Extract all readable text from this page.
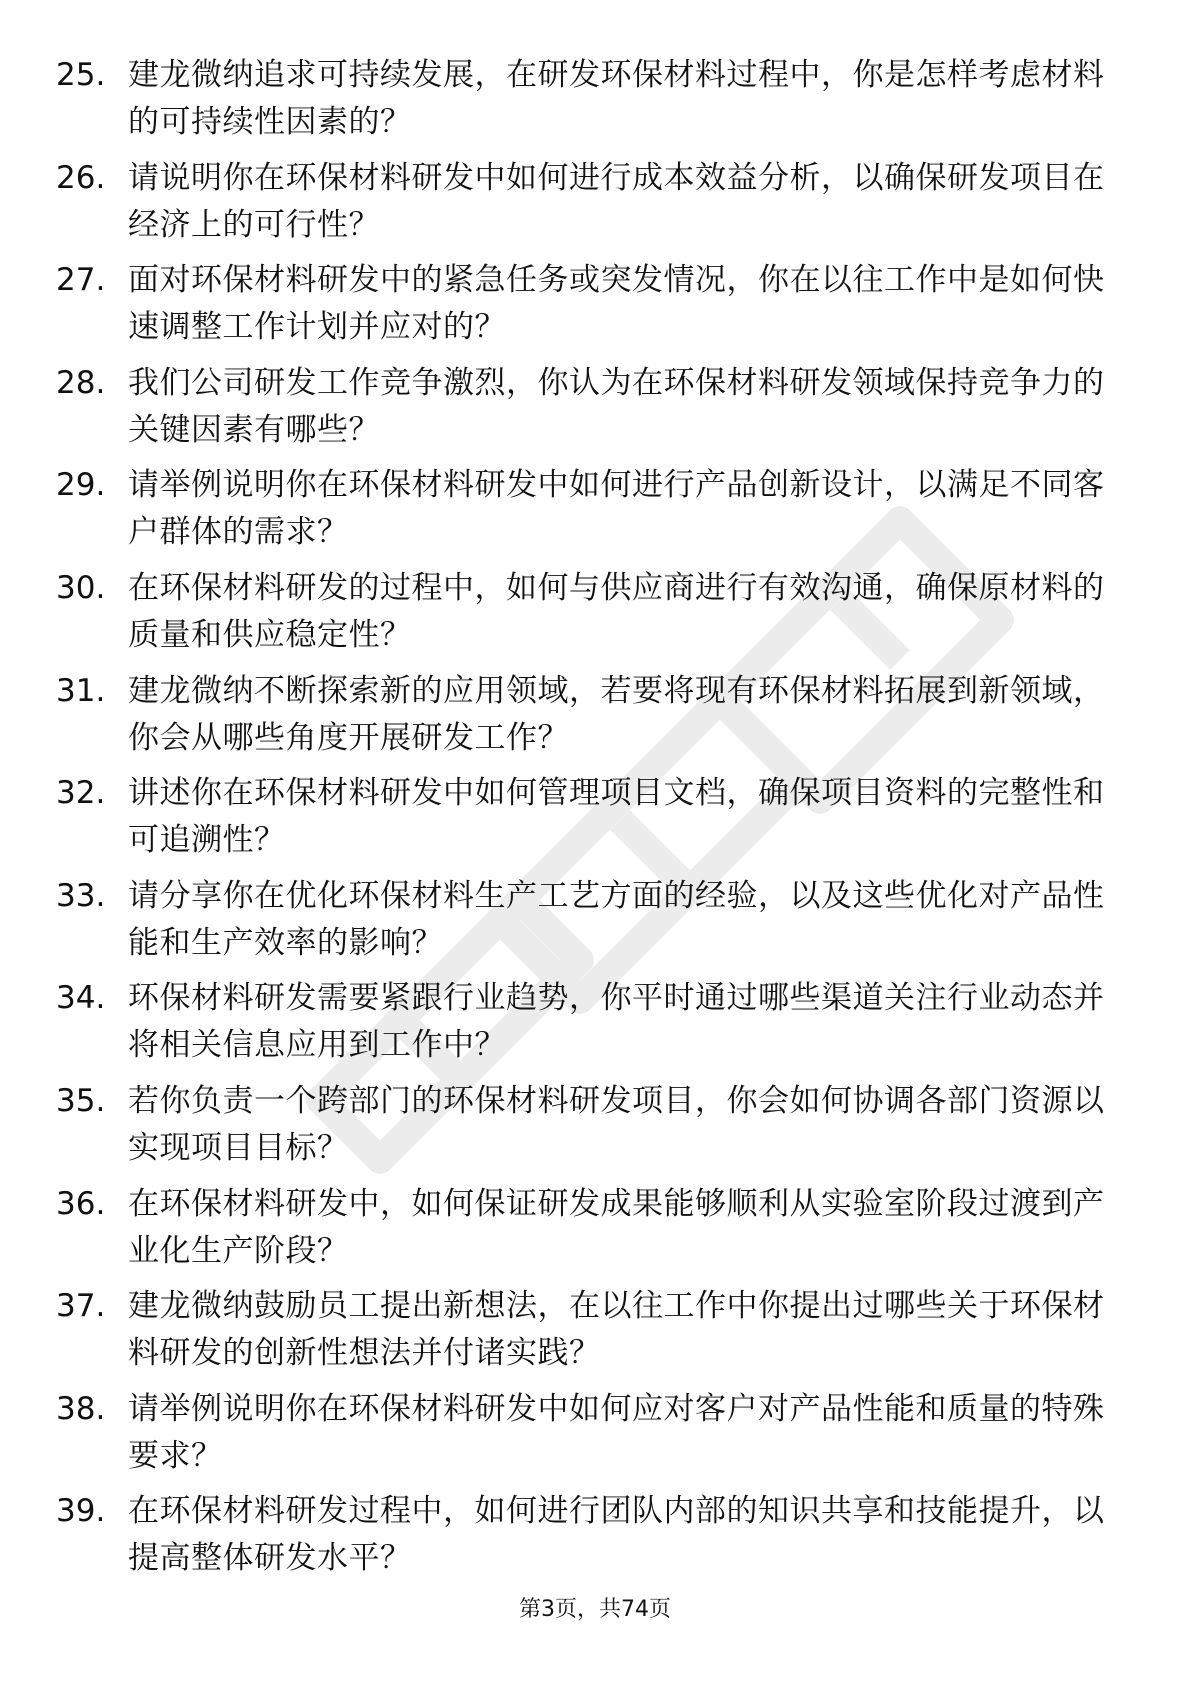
25. 建龙微纳追求可持续发展，在研发环保材料过程中，你是怎样考虑材料的可持续性因素的？
26. 请说明你在环保材料研发中如何进行成本效益分析，以确保研发项目在经济上的可行性？
27. 面对环保材料研发中的紧急任务或突发情况，你在以往工作中是如何快速调整工作计划并应对的？
28. 我们公司研发工作竞争激烈，你认为在环保材料研发领域保持竞争力的关键因素有哪些？
29. 请举例说明你在环保材料研发中如何进行产品创新设计，以满足不同客户群体的需求？
30. 在环保材料研发的过程中，如何与供应商进行有效沟通，确保原材料的质量和供应稳定性？
31. 建龙微纳不断探索新的应用领域，若要将现有环保材料拓展到新领域，你会从哪些角度开展研发工作？
32. 讲述你在环保材料研发中如何管理项目文档，确保项目资料的完整性和可追溯性？
33. 请分享你在优化环保材料生产工艺方面的经验，以及这些优化对产品性能和生产效率的影响？
34. 环保材料研发需要紧跟行业趋势，你平时通过哪些渠道关注行业动态并将相关信息应用到工作中？
35. 若你负责一个跨部门的环保材料研发项目，你会如何协调各部门资源以实现项目目标？
36. 在环保材料研发中，如何保证研发成果能够顺利从实验室阶段过渡到产业化生产阶段？
37. 建龙微纳鼓励员工提出新想法，在以往工作中你提出过哪些关于环保材料研发的创新性想法并付诸实践？
38. 请举例说明你在环保材料研发中如何应对客户对产品性能和质量的特殊要求？
39. 在环保材料研发过程中，如何进行团队内部的知识共享和技能提升，以提高整体研发水平？
第3页，共74页
